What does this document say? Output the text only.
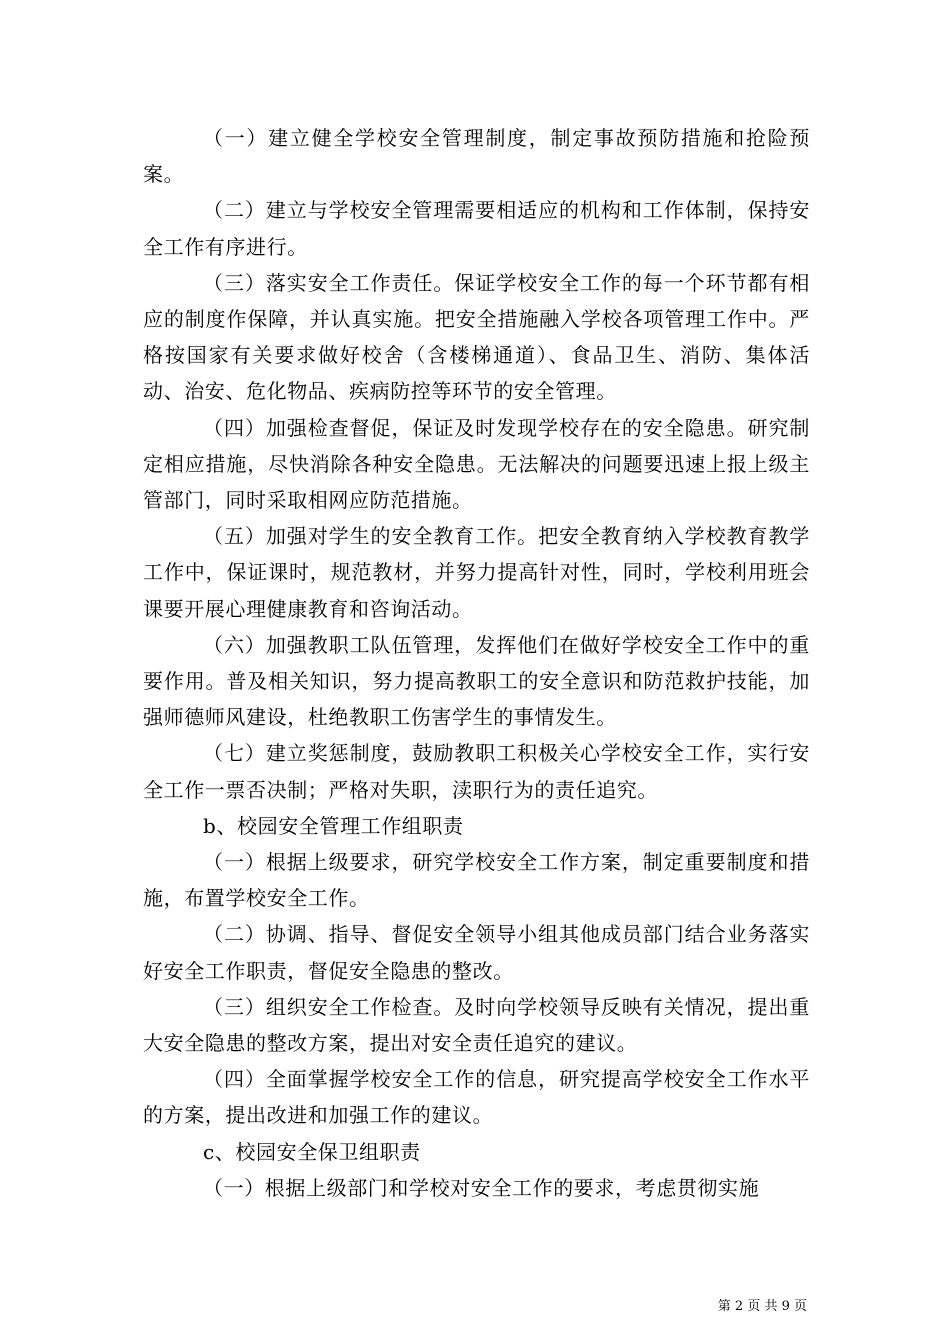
（一）建立健全学校安全管理制度，制定事故预防措施和抢险预案。

（二）建立与学校安全管理需要相适应的机构和工作体制，保持安全工作有序进行。

（三）落实安全工作责任。保证学校安全工作的每一个环节都有相应的制度作保障，并认真实施。把安全措施融入学校各项管理工作中。严格按国家有关要求做好校舍（含楼梯通道）、食品卫生、消防、集体活动、治安、危化物品、疾病防控等环节的安全管理。

（四）加强检查督促，保证及时发现学校存在的安全隐患。研究制定相应措施，尽快消除各种安全隐患。无法解决的问题要迅速上报上级主管部门，同时采取相网应防范措施。

（五）加强对学生的安全教育工作。把安全教育纳入学校教育教学工作中，保证课时，规范教材，并努力提高针对性，同时，学校利用班会课要开展心理健康教育和咨询活动。

（六）加强教职工队伍管理，发挥他们在做好学校安全工作中的重要作用。普及相关知识，努力提高教职工的安全意识和防范救护技能，加强师德师风建设，杜绝教职工伤害学生的事情发生。

（七）建立奖惩制度，鼓励教职工积极关心学校安全工作，实行安全工作一票否决制；严格对失职，渎职行为的责任追究。

b、校园安全管理工作组职责

（一）根据上级要求，研究学校安全工作方案，制定重要制度和措施，布置学校安全工作。

（二）协调、指导、督促安全领导小组其他成员部门结合业务落实好安全工作职责，督促安全隐患的整改。

（三）组织安全工作检查。及时向学校领导反映有关情况，提出重大安全隐患的整改方案，提出对安全责任追究的建议。

（四）全面掌握学校安全工作的信息，研究提高学校安全工作水平的方案，提出改进和加强工作的建议。

c、校园安全保卫组职责

（一）根据上级部门和学校对安全工作的要求，考虑贯彻实施

第 2 页 共 9 页
